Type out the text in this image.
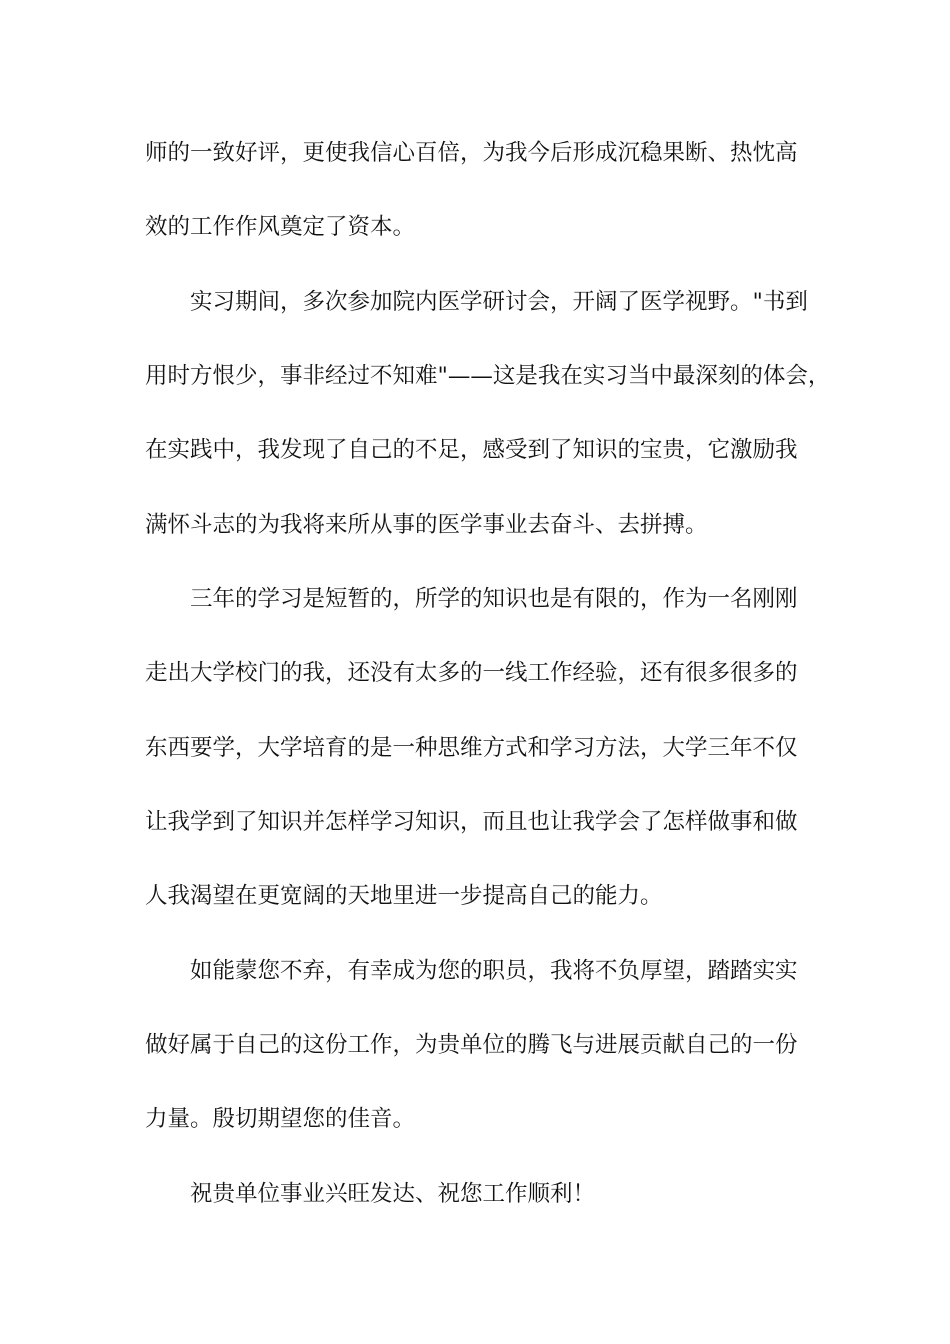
师的一致好评，更使我信心百倍，为我今后形成沉稳果断、热忱高
效的工作作风奠定了资本。
实习期间，多次参加院内医学研讨会，开阔了医学视野。"书到
用时方恨少，事非经过不知难"——这是我在实习当中最深刻的体会，
在实践中，我发现了自己的不足，感受到了知识的宝贵，它激励我
满怀斗志的为我将来所从事的医学事业去奋斗、去拼搏。
三年的学习是短暂的，所学的知识也是有限的，作为一名刚刚
走出大学校门的我，还没有太多的一线工作经验，还有很多很多的
东西要学，大学培育的是一种思维方式和学习方法，大学三年不仅
让我学到了知识并怎样学习知识，而且也让我学会了怎样做事和做
人我渴望在更宽阔的天地里进一步提高自己的能力。
如能蒙您不弃，有幸成为您的职员，我将不负厚望，踏踏实实
做好属于自己的这份工作，为贵单位的腾飞与进展贡献自己的一份
力量。殷切期望您的佳音。
祝贵单位事业兴旺发达、祝您工作顺利！
